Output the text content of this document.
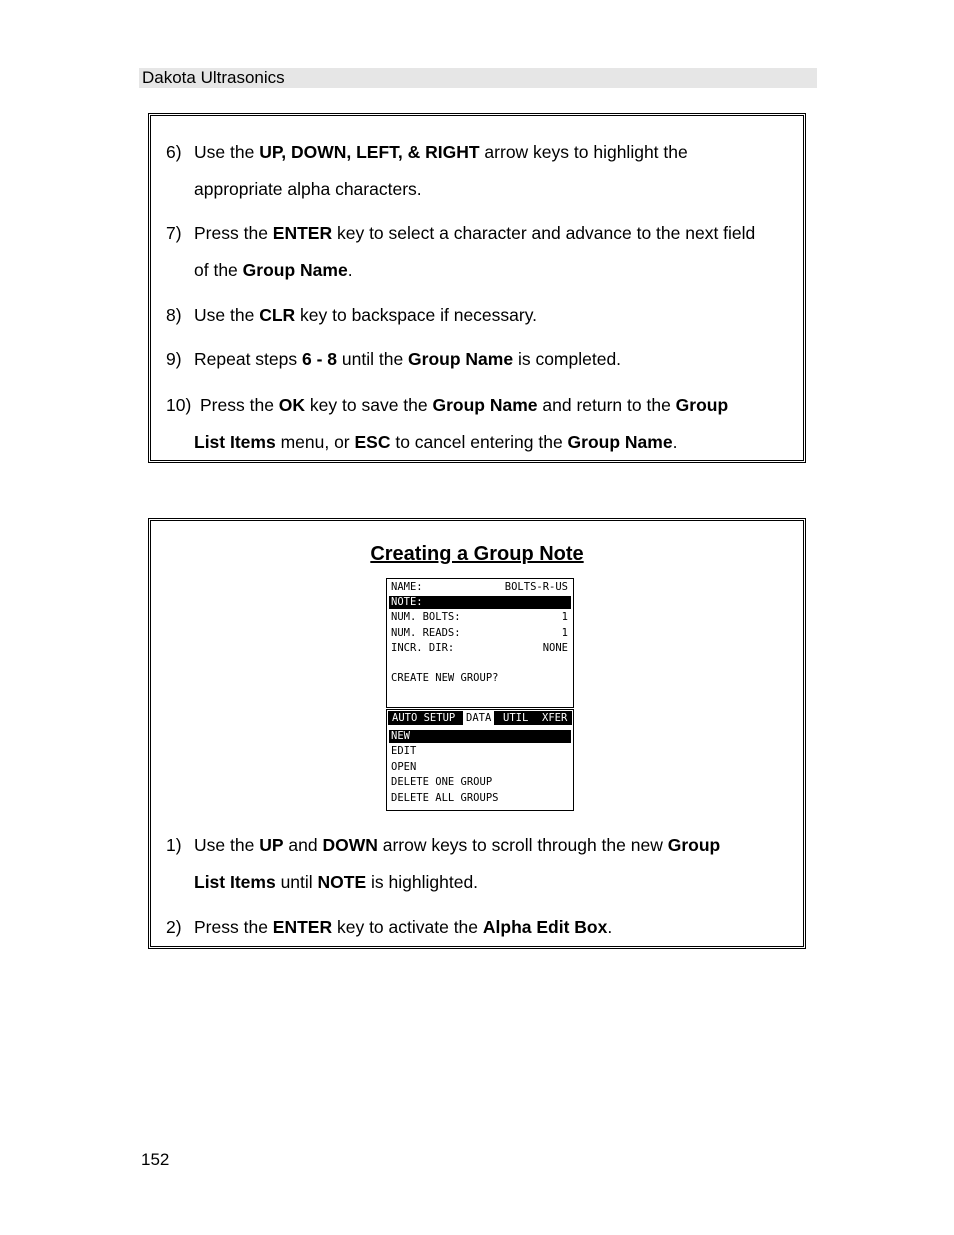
Dakota Ultrasonics
6) Use the UP, DOWN, LEFT, & RIGHT arrow keys to highlight the
appropriate alpha characters.
7) Press the ENTER key to select a character and advance to the next field
of the Group Name.
8) Use the CLR key to backspace if necessary.
9) Repeat steps 6 - 8 until the Group Name is completed.
10) Press the OK key to save the Group Name and return to the Group
List Items menu, or ESC to cancel entering the Group Name.
Creating a Group Note
NAME:	BOLTS-R-US
NOTE:
NUM. BOLTS:	1
NUM. READS:	1
INCR. DIR:	NONE
CREATE NEW GROUP?
AUTO SETUP DATA UTIL XFER
NEW
EDIT
OPEN
DELETE ONE GROUP
DELETE ALL GROUPS
1) Use the UP and DOWN arrow keys to scroll through the new Group
List Items until NOTE is highlighted.
2) Press the ENTER key to activate the Alpha Edit Box.
152
